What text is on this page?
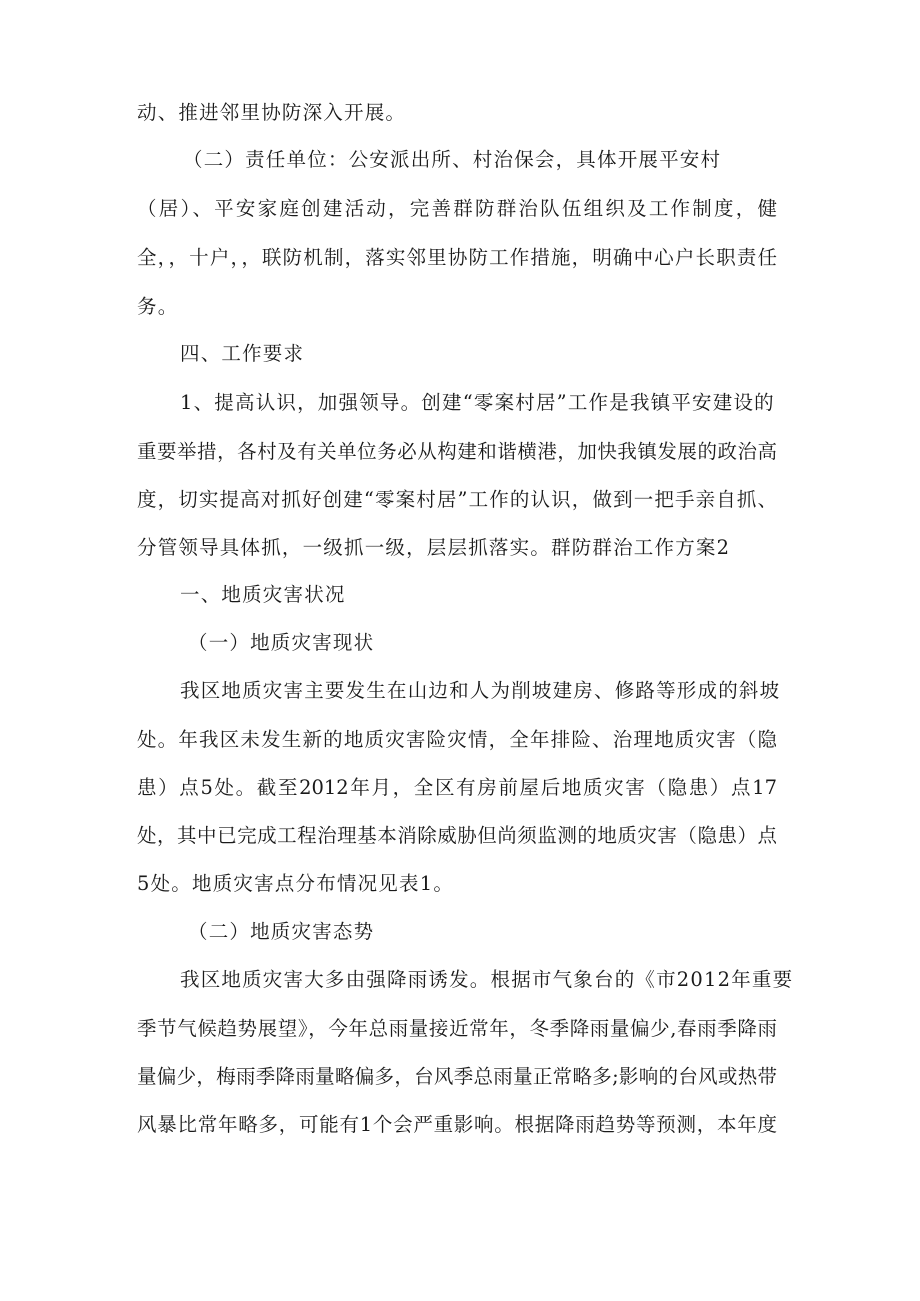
动、推进邻里协防深入开展。
（二）责任单位：公安派出所、村治保会，具体开展平安村
（居）、平安家庭创建活动，完善群防群治队伍组织及工作制度，健
全，，十户，，联防机制，落实邻里协防工作措施，明确中心户长职责任
务。
四、工作要求
1、提高认识，加强领导。创建“零案村居”工作是我镇平安建设的
重要举措，各村及有关单位务必从构建和谐横港，加快我镇发展的政治高
度，切实提高对抓好创建“零案村居”工作的认识，做到一把手亲自抓、
分管领导具体抓，一级抓一级，层层抓落实。群防群治工作方案2
一、地质灾害状况
（一）地质灾害现状
我区地质灾害主要发生在山边和人为削坡建房、修路等形成的斜坡
处。年我区未发生新的地质灾害险灾情，全年排险、治理地质灾害（隐
患）点5处。截至2012年月，全区有房前屋后地质灾害（隐患）点17
处，其中已完成工程治理基本消除威胁但尚须监测的地质灾害（隐患）点
5处。地质灾害点分布情况见表1。
（二）地质灾害态势
我区地质灾害大多由强降雨诱发。根据市气象台的《市2012年重要
季节气候趋势展望》，今年总雨量接近常年，冬季降雨量偏少,春雨季降雨
量偏少，梅雨季降雨量略偏多，台风季总雨量正常略多;影响的台风或热带
风暴比常年略多，可能有1个会严重影响。根据降雨趋势等预测，本年度
